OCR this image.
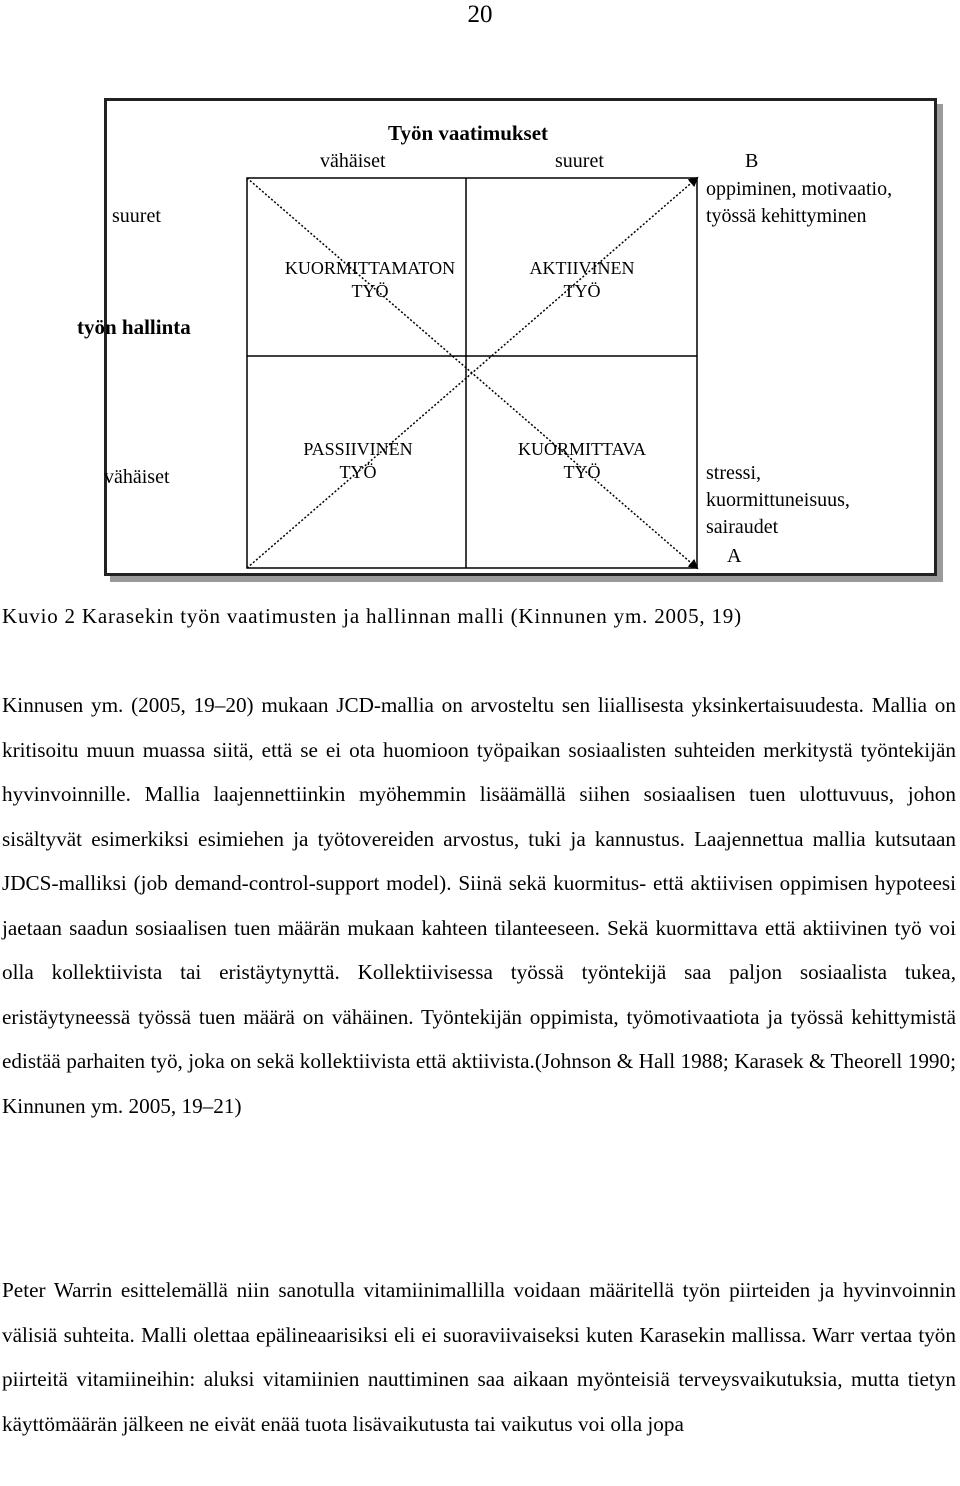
20
Työn vaatimukset
vähäiset	suuret	B
oppiminen, motivaatio,
työssä kehittyminen
suuret
työn hallinta
vähäiset
KUORMITTAMATON
TYÖ
AKTIIVINEN
TYÖ
PASSIIVINEN
TYÖ
KUORMITTAVA
TYÖ	stressi,
kuormittuneisuus,
sairaudet
A
Kuvio 2 Karasekin työn vaatimusten ja hallinnan malli (Kinnunen ym. 2005, 19)

Kinnusen ym. (2005, 19–20) mukaan JCD-mallia on arvosteltu sen liiallisesta yksinkertaisuudesta. Mallia on kritisoitu muun muassa siitä, että se ei ota huomioon työpaikan sosiaalisten suhteiden merkitystä työntekijän hyvinvoinnille. Mallia laajennettiinkin myöhemmin lisäämällä siihen sosiaalisen tuen ulottuvuus, johon sisältyvät esimerkiksi esimiehen ja työtovereiden arvostus, tuki ja kannustus. Laajennettua mallia kutsutaan JDCS-malliksi (job demand-control-support model). Siinä sekä kuormitus- että aktiivisen oppimisen hypoteesi jaetaan saadun sosiaalisen tuen määrän mukaan kahteen tilanteeseen. Sekä kuormittava että aktiivinen työ voi olla kollektiivista tai eristäytynyttä. Kollektiivisessa työssä työntekijä saa paljon sosiaalista tukea, eristäytyneessä työssä tuen määrä on vähäinen. Työntekijän oppimista, työmotivaatiota ja työssä kehittymistä edistää parhaiten työ, joka on sekä kollektiivista että aktiivista.(Johnson & Hall 1988; Karasek & Theorell 1990; Kinnunen ym. 2005, 19–21)

Peter Warrin esittelemällä niin sanotulla vitamiinimallilla voidaan määritellä työn piirteiden ja hyvinvoinnin välisiä suhteita. Malli olettaa epälineaarisiksi eli ei suoraviivaiseksi kuten Karasekin mallissa. Warr vertaa työn piirteitä vitamiineihin: aluksi vitamiinien nauttiminen saa aikaan myönteisiä terveysvaikutuksia, mutta tietyn käyttömäärän jälkeen ne eivät enää tuota lisävaikutusta tai vaikutus voi olla jopa
